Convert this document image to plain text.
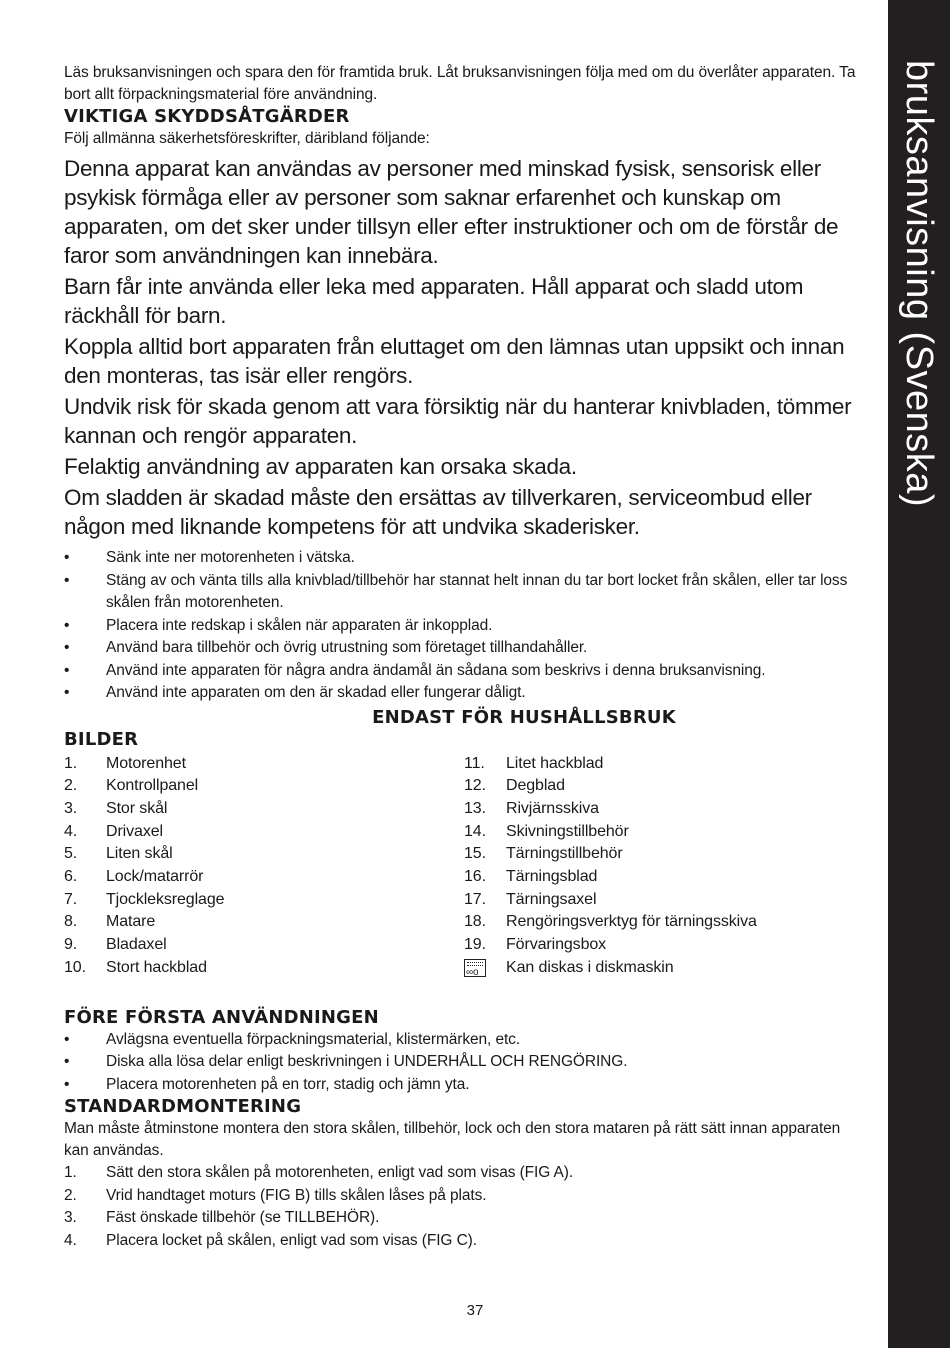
bruksanvisning (Svenska)

Läs bruksanvisningen och spara den för framtida bruk. Låt bruksanvisningen följa med om du överlåter apparaten. Ta bort allt förpackningsmaterial före användning.

VIKTIGA SKYDDSÅTGÄRDER

Följ allmänna säkerhetsföreskrifter, däribland följande:

Denna apparat kan användas av personer med minskad fysisk, sensorisk eller psykisk förmåga eller av personer som saknar erfarenhet och kunskap om apparaten, om det sker under tillsyn eller efter instruktioner och om de förstår de faror som användningen kan innebära.

Barn får inte använda eller leka med apparaten. Håll apparat och sladd utom räckhåll för barn.

Koppla alltid bort apparaten från eluttaget om den lämnas utan uppsikt och innan den monteras, tas isär eller rengörs.

Undvik risk för skada genom att vara försiktig när du hanterar knivbladen, tömmer kannan och rengör apparaten.

Felaktig användning av apparaten kan orsaka skada.

Om sladden är skadad måste den ersättas av tillverkaren, serviceombud eller någon med liknande kompetens för att undvika skaderisker.

• Sänk inte ner motorenheten i vätska.
• Stäng av och vänta tills alla knivblad/tillbehör har stannat helt innan du tar bort locket från skålen, eller tar loss skålen från motorenheten.
• Placera inte redskap i skålen när apparaten är inkopplad.
• Använd bara tillbehör och övrig utrustning som företaget tillhandahåller.
• Använd inte apparaten för några andra ändamål än sådana som beskrivs i denna bruksanvisning.
• Använd inte apparaten om den är skadad eller fungerar dåligt.
ENDAST FÖR HUSHÅLLSBRUK
BILDER
1.	Motorenhet
2.	Kontrollpanel
3.	Stor skål
4.	Drivaxel
5.	Liten skål
6.	Lock/matarrör
7.	Tjockleksreglage
8.	Matare
9.	Bladaxel
10.	Stort hackblad
11.	Litet hackblad
12.	Degblad
13.	Rivjärnsskiva
14.	Skivningstillbehör
15.	Tärningstillbehör
16.	Tärningsblad
17.	Tärningsaxel
18.	Rengöringsverktyg för tärningsskiva
19.	Förvaringsbox
∞o
Kan diskas i diskmaskin
FÖRE FÖRSTA ANVÄNDNINGEN
• Avlägsna eventuella förpackningsmaterial, klistermärken, etc.
• Diska alla lösa delar enligt beskrivningen i UNDERHÅLL OCH RENGÖRING.
• Placera motorenheten på en torr, stadig och jämn yta.
STANDARDMONTERING

Man måste åtminstone montera den stora skålen, tillbehör, lock och den stora mataren på rätt sätt innan apparaten kan användas.

1.	Sätt den stora skålen på motorenheten, enligt vad som visas (FIG A).
2.	Vrid handtaget moturs (FIG B) tills skålen låses på plats.
3.	Fäst önskade tillbehör (se TILLBEHÖR).
4.	Placera locket på skålen, enligt vad som visas (FIG C).
37
